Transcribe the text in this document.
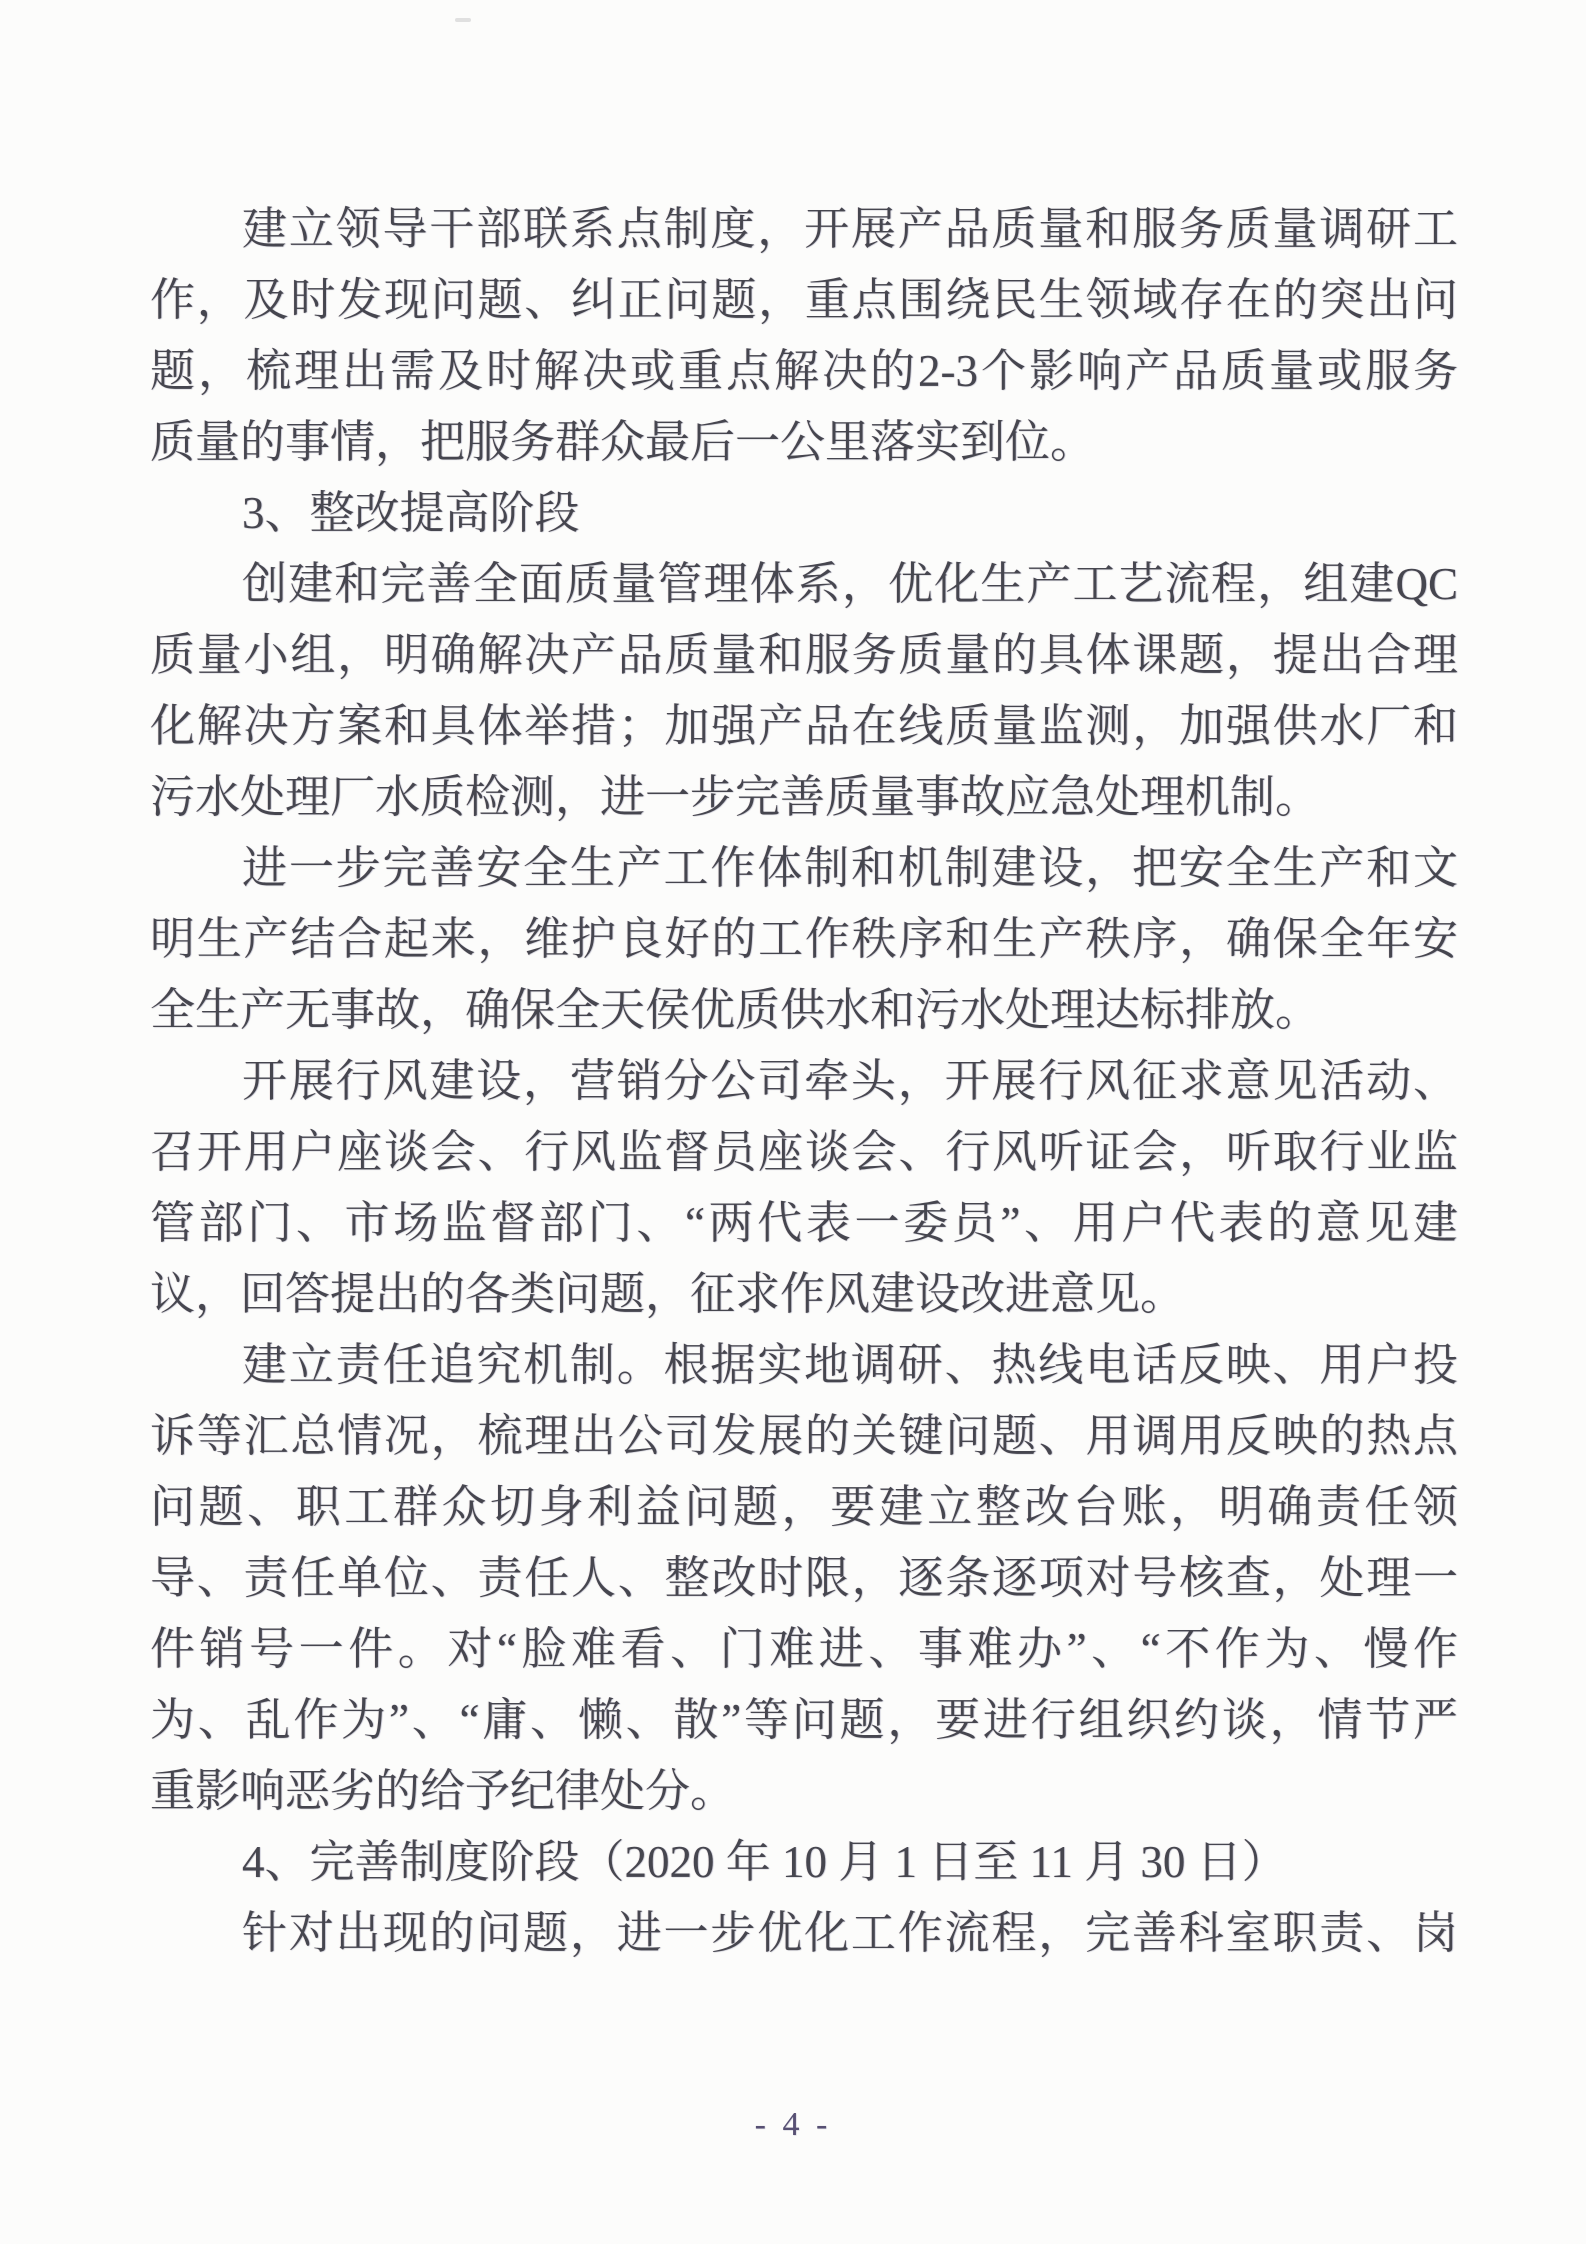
建立领导干部联系点制度，开展产品质量和服务质量调研工
作，及时发现问题、纠正问题，重点围绕民生领域存在的突出问
题，梳理出需及时解决或重点解决的2-3个影响产品质量或服务
质量的事情，把服务群众最后一公里落实到位。
3、整改提高阶段
创建和完善全面质量管理体系，优化生产工艺流程，组建QC
质量小组，明确解决产品质量和服务质量的具体课题，提出合理
化解决方案和具体举措；加强产品在线质量监测，加强供水厂和
污水处理厂水质检测，进一步完善质量事故应急处理机制。
进一步完善安全生产工作体制和机制建设，把安全生产和文
明生产结合起来，维护良好的工作秩序和生产秩序，确保全年安
全生产无事故，确保全天侯优质供水和污水处理达标排放。
开展行风建设，营销分公司牵头，开展行风征求意见活动、
召开用户座谈会、行风监督员座谈会、行风听证会，听取行业监
管部门、市场监督部门、“两代表一委员”、用户代表的意见建
议，回答提出的各类问题，征求作风建设改进意见。
建立责任追究机制。根据实地调研、热线电话反映、用户投
诉等汇总情况，梳理出公司发展的关键问题、用调用反映的热点
问题、职工群众切身利益问题，要建立整改台账，明确责任领
导、责任单位、责任人、整改时限，逐条逐项对号核查，处理一
件销号一件。对“脸难看、门难进、事难办”、“不作为、慢作
为、乱作为”、“庸、懒、散”等问题，要进行组织约谈，情节严
重影响恶劣的给予纪律处分。
4、完善制度阶段（2020 年 10 月 1 日至 11 月 30 日）
针对出现的问题，进一步优化工作流程，完善科室职责、岗
- 4 -
